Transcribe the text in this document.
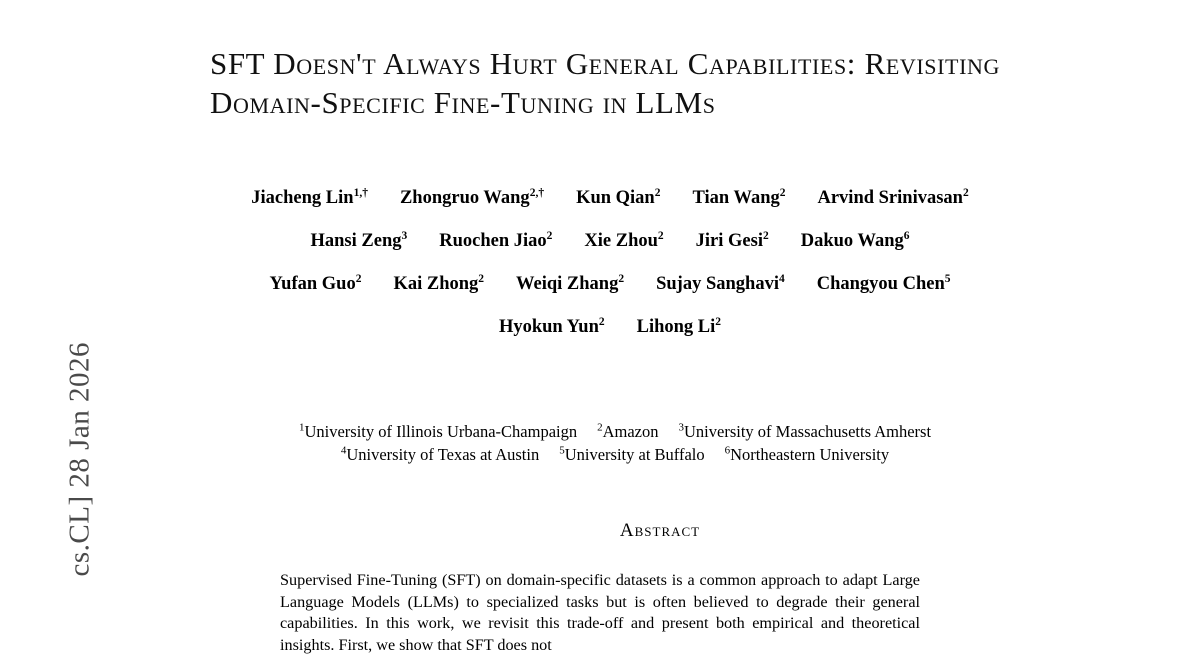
cs.CL] 28 Jan 2026
SFT Doesn't Always Hurt General Capabilities: Revisiting Domain-Specific Fine-Tuning in LLMs
Jiacheng Lin$^{1,\dagger}$ Zhongruo Wang$^{2,\dagger}$ Kun Qian$^2$ Tian Wang$^2$ Arvind Srinivasan$^2$
Hansi Zeng$^3$ Ruochen Jiao$^2$ Xie Zhou$^2$ Jiri Gesi$^2$ Dakuo Wang$^6$
Yufan Guo$^2$ Kai Zhong$^2$ Weiqi Zhang$^2$ Sujay Sanghavi$^4$ Changyou Chen$^5$
Hyokun Yun$^2$ Lihong Li$^2$
$^1$University of Illinois Urbana-Champaign $^2$Amazon $^3$University of Massachusetts Amherst
$^4$University of Texas at Austin $^5$University at Buffalo $^6$Northeastern University
Abstract
Supervised Fine-Tuning (SFT) on domain-specific datasets is a common approach to adapt Large Language Models (LLMs) to specialized tasks but is often believed to degrade their general capabilities. In this work, we revisit this trade-off and present both empirical and theoretical insights. First, we show that SFT does not
